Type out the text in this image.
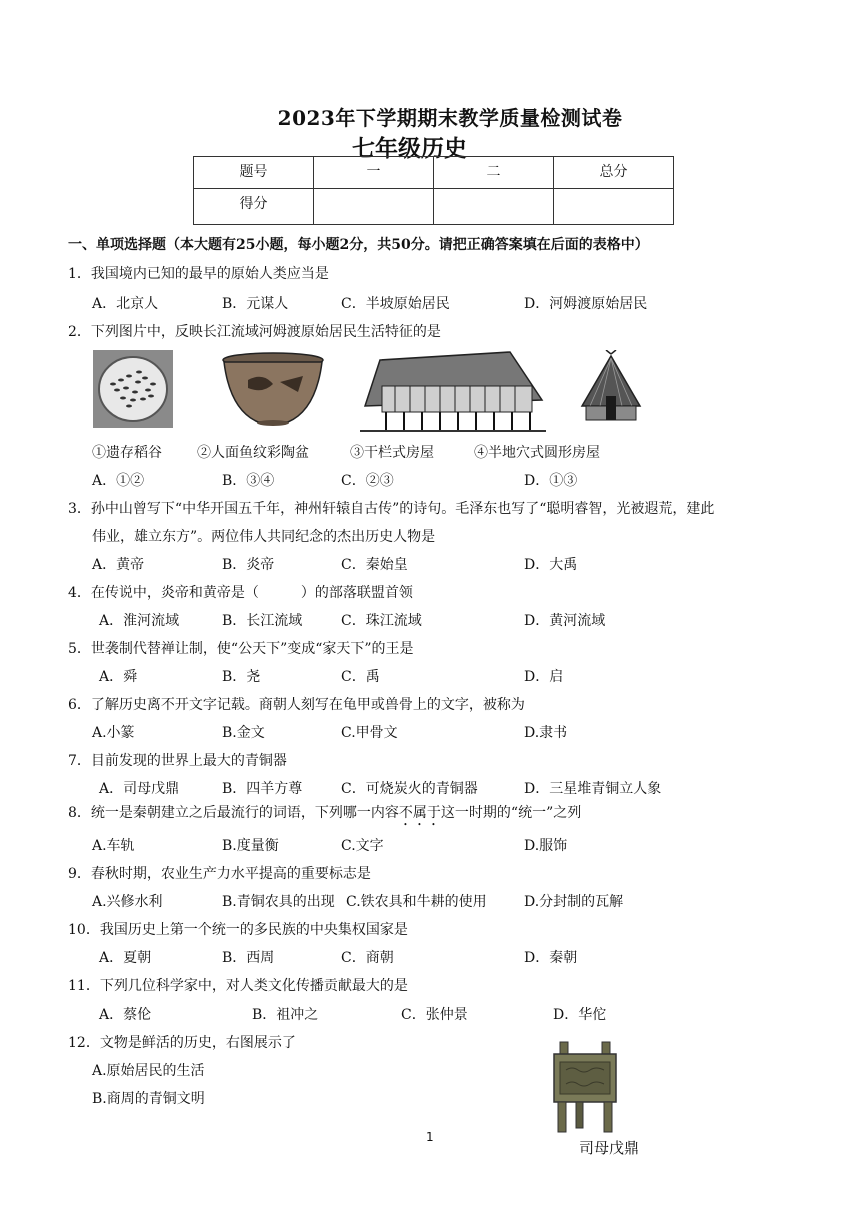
2023年下学期期末教学质量检测试卷
七年级历史
题号	一	二	总分
得分			
一、单项选择题（本大题有25小题，每小题2分，共50分。请把正确答案填在后面的表格中）
1．我国境内已知的最早的原始人类应当是
A．北京人	B．元谋人	C．半坡原始居民	D．河姆渡原始居民
2．下列图片中，反映长江流域河姆渡原始居民生活特征的是
①遗存稻谷	②人面鱼纹彩陶盆	③干栏式房屋	④半地穴式圆形房屋
A．①②	B．③④	C．②③	D．①③
3．孙中山曾写下“中华开国五千年，神州轩辕自古传”的诗句。毛泽东也写了“聪明睿智，光被遐荒，建此
伟业，雄立东方”。两位伟人共同纪念的杰出历史人物是
A．黄帝	B．炎帝	C．秦始皇	D．大禹
4．在传说中，炎帝和黄帝是（　　　）的部落联盟首领
A．淮河流域	B．长江流域	C．珠江流域	D．黄河流域
5．世袭制代替禅让制，使“公天下”变成“家天下”的王是
A．舜	B．尧	C．禹	D．启
6．了解历史离不开文字记载。商朝人刻写在龟甲或兽骨上的文字，被称为
A.小篆	B.金文	C.甲骨文	D.隶书
7．目前发现的世界上最大的青铜器
A．司母戊鼎	B．四羊方尊	C．可烧炭火的青铜器	D．三星堆青铜立人象
8．统一是秦朝建立之后最流行的词语，下列哪一内容不属于这一时期的“统一”之列
A.车轨	B.度量衡	C.文字	D.服饰
9．春秋时期，农业生产力水平提高的重要标志是
A.兴修水利	B.青铜农具的出现 C.铁农具和牛耕的使用	D.分封制的瓦解
10．我国历史上第一个统一的多民族的中央集权国家是
A．夏朝	B．西周	C．商朝	D．秦朝
11．下列几位科学家中，对人类文化传播贡献最大的是
A．蔡伦	B．祖冲之	C．张仲景	D．华佗
12．文物是鲜活的历史，右图展示了
A.原始居民的生活
B.商周的青铜文明
司母戊鼎
1
